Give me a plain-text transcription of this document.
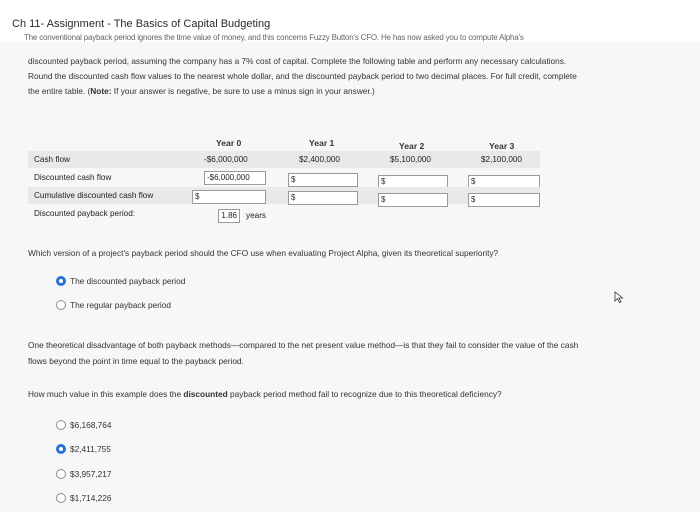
Ch 11- Assignment - The Basics of Capital Budgeting
The conventional payback period ignores the time value of money, and this concerns Fuzzy Button's CFO. He has now asked you to compute Alpha's
discounted payback period, assuming the company has a 7% cost of capital. Complete the following table and perform any necessary calculations.
Round the discounted cash flow values to the nearest whole dollar, and the discounted payback period to two decimal places. For full credit, complete
the entire table. (Note: If your answer is negative, be sure to use a minus sign in your answer.)
Year 0	Year 1	Year 2	Year 3
Cash flow	-$6,000,000	$2,400,000	$5,100,000	$2,100,000
Discounted cash flow	-$6,000,000	$	$	$
Cumulative discounted cash flow	$	$	$	$
Discounted payback period:	1.86	years
Which version of a project's payback period should the CFO use when evaluating Project Alpha, given its theoretical superiority?
The discounted payback period
The regular payback period
One theoretical disadvantage of both payback methods—compared to the net present value method—is that they fail to consider the value of the cash
flows beyond the point in time equal to the payback period.
How much value in this example does the discounted payback period method fail to recognize due to this theoretical deficiency?
$6,168,764
$2,411,755
$3,957,217
$1,714,226
